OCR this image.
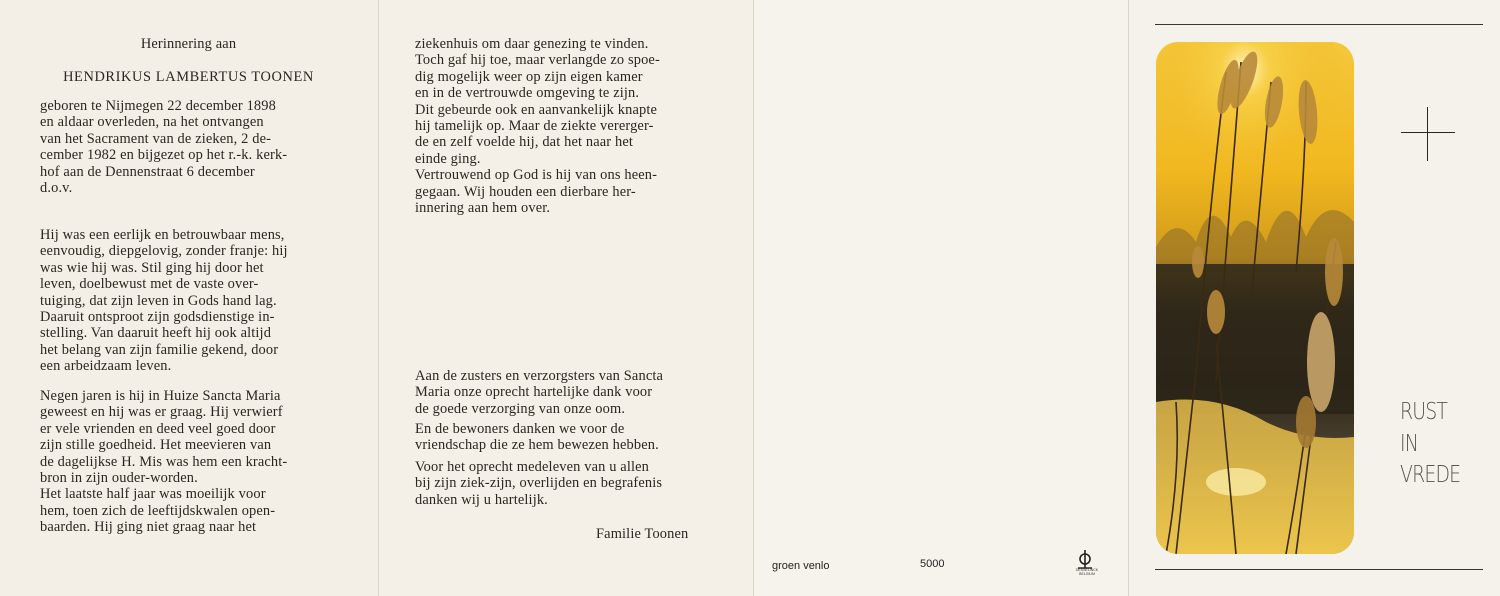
Herinnering aan
HENDRIKUS LAMBERTUS TOONEN

geboren te Nijmegen 22 december 1898
en aldaar overleden, na het ontvangen
van het Sacrament van de zieken, 2 de-
cember 1982 en bijgezet op het r.-k. kerk-
hof aan de Dennenstraat 6 december
d.o.v.

Hij was een eerlijk en betrouwbaar mens,
eenvoudig, diepgelovig, zonder franje: hij
was wie hij was. Stil ging hij door het
leven, doelbewust met de vaste over-
tuiging, dat zijn leven in Gods hand lag.
Daaruit ontsproot zijn godsdienstige in-
stelling. Van daaruit heeft hij ook altijd
het belang van zijn familie gekend, door
een arbeidzaam leven.

Negen jaren is hij in Huize Sancta Maria
geweest en hij was er graag. Hij verwierf
er vele vrienden en deed veel goed door
zijn stille goedheid. Het meevieren van
de dagelijkse H. Mis was hem een kracht-
bron in zijn ouder-worden.
Het laatste half jaar was moeilijk voor
hem, toen zich de leeftijdskwalen open-
baarden. Hij ging niet graag naar het

ziekenhuis om daar genezing te vinden.
Toch gaf hij toe, maar verlangde zo spoe-
dig mogelijk weer op zijn eigen kamer
en in de vertrouwde omgeving te zijn.
Dit gebeurde ook en aanvankelijk knapte
hij tamelijk op. Maar de ziekte vererger-
de en zelf voelde hij, dat het naar het
einde ging.
Vertrouwend op God is hij van ons heen-
gegaan. Wij houden een dierbare her-
innering aan hem over.

Aan de zusters en verzorgsters van Sancta
Maria onze oprecht hartelijke dank voor
de goede verzorging van onze oom.

En de bewoners danken we voor de
vriendschap die ze hem bewezen hebben.

Voor het oprecht medeleven van u allen
bij zijn ziek-zijn, overlijden en begrafenis
danken wij u hartelijk.

Familie Toonen
groen venlo	5000	DESSELINCK BELGIUM
RUST
IN
VREDE
